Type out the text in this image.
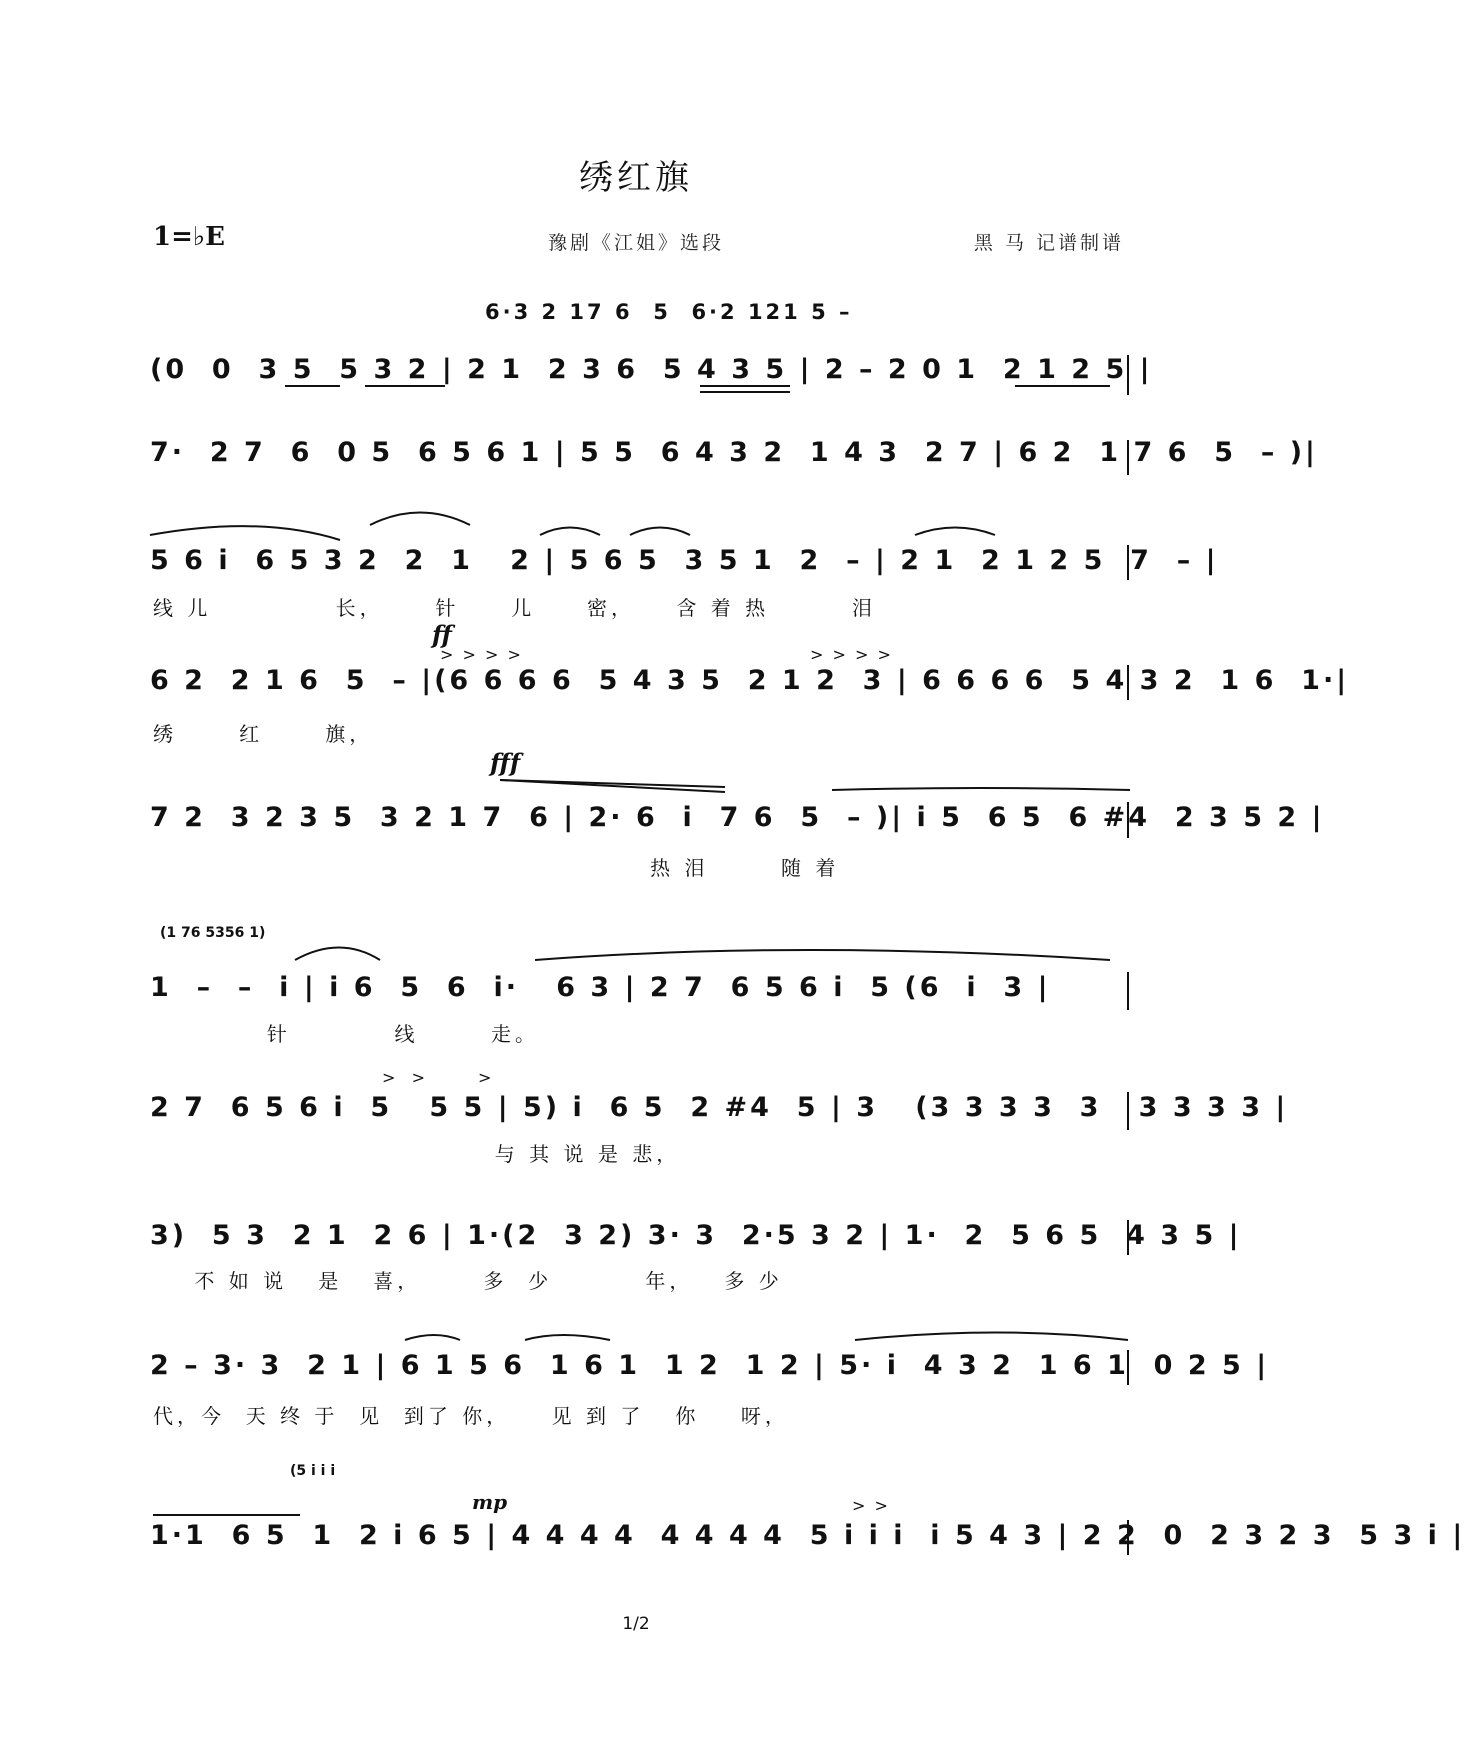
绣红旗
1=♭E	豫剧《江姐》选段	黑 马 记谱制谱
6·3 2 17 6  5  6·2 121 5 –
(0  0  3 5  5 3 2 | 2 1  2 3 6  5 4 3 5 | 2 – 2 0 1  2 1 2 5 |
7·  2 7  6  0 5  6 5 6 1 | 5 5  6 4 3 2  1 4 3  2 7 | 6 2  1 7 6  5  – )|
5 6 i  6 5 3 2  2  1   2 | 5 6 5  3 5 1  2  – | 2 1  2 1 2 5  7  – |
线 儿            长，     针     儿     密，    含 着 热        泪
ff
> > > >	> > > >
6 2  2 1 6  5  – |(6 6 6 6  5 4 3 5  2 1 2  3 | 6 6 6 6  5 4 3 2  1 6  1·|
绣      红      旗，
fff
7 2  3 2 3 5  3 2 1 7  6 | 2· 6  i  7 6  5  – )| i 5  6 5  6 #4  2 3 5 2 |
热 泪       随 着
(1 76 5356 1)
1  –  –  i | i 6  5  6  i·   6 3 | 2 7  6 5 6 i  5 (6  i  3 |
针          线       走。
>  >	>
2 7  6 5 6 i  5   5 5 | 5) i  6 5  2 #4  5 | 3   (3 3 3 3  3   3 3 3 3 |
与 其 说 是 悲，
3)  5 3  2 1  2 6 | 1·(2  3 2) 3· 3  2·5 3 2 | 1·  2  5 6 5  4 3 5 |
不 如 说   是   喜，      多  少         年，   多 少
2 – 3· 3  2 1 | 6 1 5 6  1 6 1  1 2  1 2 | 5· i  4 3 2  1 6 1  0 2 5 |
代，今  天 终 于  见  到了 你，    见 到 了   你    呀，
(5 i i i
mp	> >
1·1  6 5  1  2 i 6 5 | 4 4 4 4  4 4 4 4  5 i i i  i 5 4 3 | 2 2  0  2 3 2 3  5 3 i |
1/2
